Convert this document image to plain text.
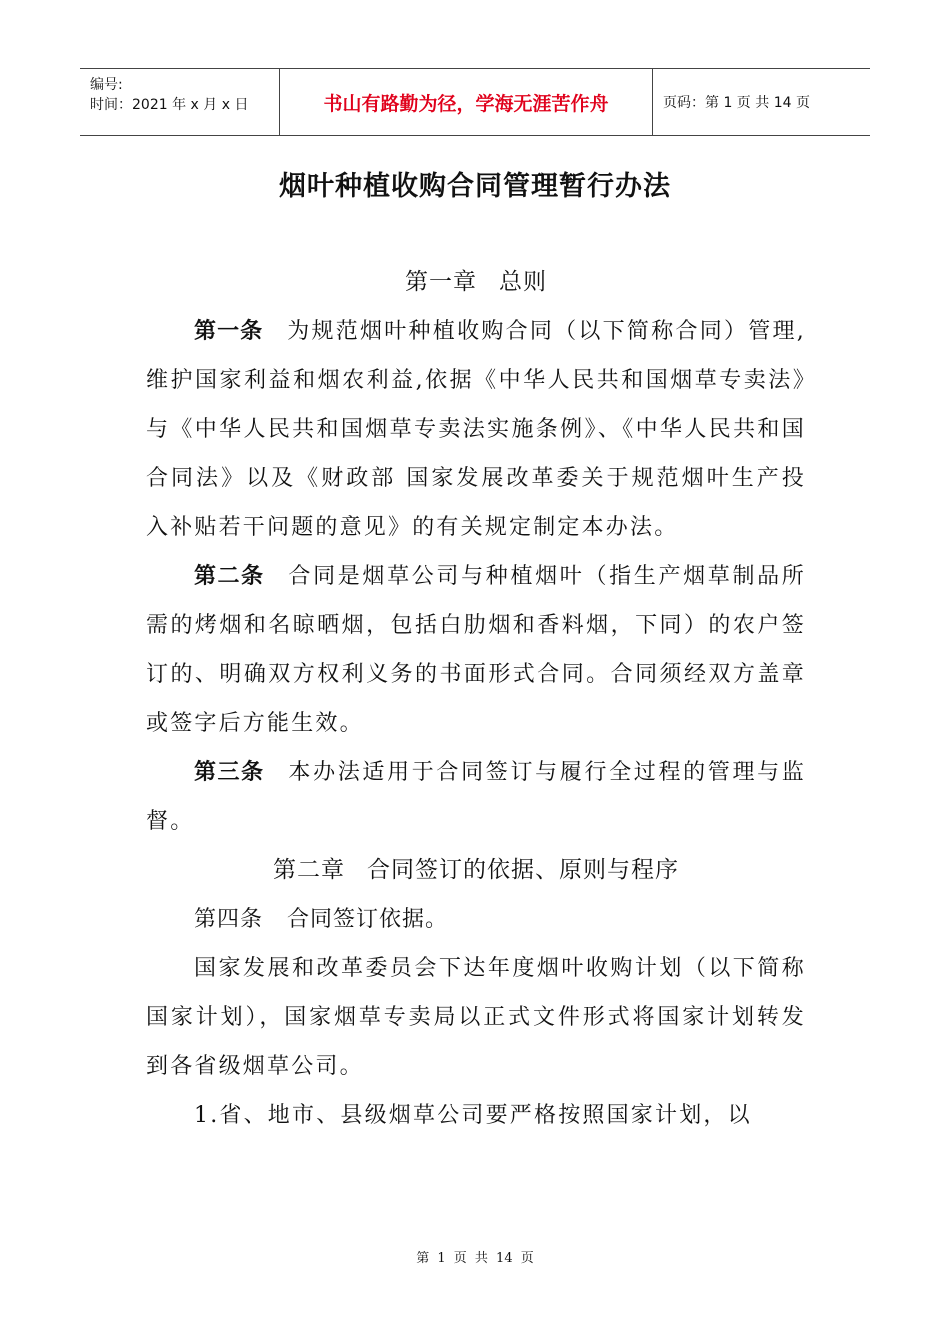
编号:
时间：2021 年 x 月 x 日	书山有路勤为径，学海无涯苦作舟	页码：第 1 页 共 14 页
烟叶种植收购合同管理暂行办法
第一章 总则

第一条 为规范烟叶种植收购合同（以下简称合同）管理,维护国家利益和烟农利益,依据《中华人民共和国烟草专卖法》与《中华人民共和国烟草专卖法实施条例》、《中华人民共和国合同法》以及《财政部 国家发展改革委关于规范烟叶生产投入补贴若干问题的意见》的有关规定制定本办法。

第二条 合同是烟草公司与种植烟叶（指生产烟草制品所需的烤烟和名晾晒烟，包括白肋烟和香料烟，下同）的农户签订的、明确双方权利义务的书面形式合同。合同须经双方盖章或签字后方能生效。

第三条 本办法适用于合同签订与履行全过程的管理与监督。

第二章 合同签订的依据、原则与程序

第四条 合同签订依据。

国家发展和改革委员会下达年度烟叶收购计划（以下简称国家计划），国家烟草专卖局以正式文件形式将国家计划转发到各省级烟草公司。

1.省、地市、县级烟草公司要严格按照国家计划，以

第 1 页 共 14 页
